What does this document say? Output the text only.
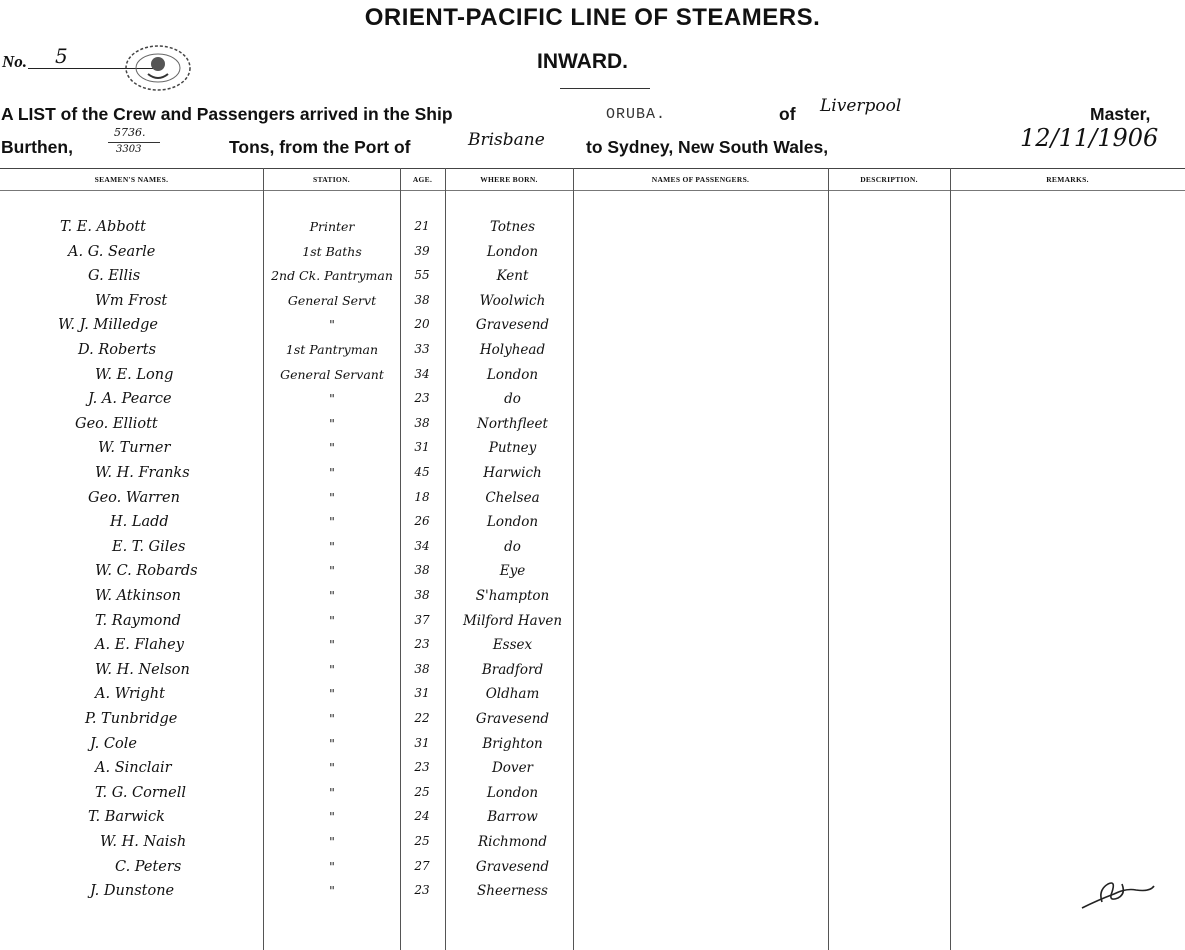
ORIENT-PACIFIC LINE OF STEAMERS.
No. 5	INWARD.
A LIST of the Crew and Passengers arrived in the Ship	ORUBA.	of Liverpool	Master,
Burthen,
5736.
3303	Tons, from the Port of	Brisbane to Sydney, New South Wales,	12/11/1906
SEAMEN'S NAMES.	STATION.	AGE.	WHERE BORN.	NAMES OF PASSENGERS.	DESCRIPTION.	REMARKS.
T. E. Abbott	Printer	21	Totnes
A. G. Searle	1st Baths	39	London
G. Ellis	2nd Ck. Pantryman	55	Kent
Wm Frost	General Servt	38	Woolwich
W. J. Milledge	"	20	Gravesend
D. Roberts	1st Pantryman	33	Holyhead
W. E. Long	General Servant	34	London
J. A. Pearce	"	23	do
Geo. Elliott	"	38	Northfleet
W. Turner	"	31	Putney
W. H. Franks	"	45	Harwich
Geo. Warren	"	18	Chelsea
H. Ladd	"	26	London
E. T. Giles	"	34	do
W. C. Robards	"	38	Eye
W. Atkinson	"	38	S'hampton
T. Raymond	"	37	Milford Haven
A. E. Flahey	"	23	Essex
W. H. Nelson	"	38	Bradford
A. Wright	"	31	Oldham
P. Tunbridge	"	22	Gravesend
J. Cole	"	31	Brighton
A. Sinclair	"	23	Dover
T. G. Cornell	"	25	London
T. Barwick	"	24	Barrow
W. H. Naish	"	25	Richmond
C. Peters	"	27	Gravesend
J. Dunstone	"	23	Sheerness
